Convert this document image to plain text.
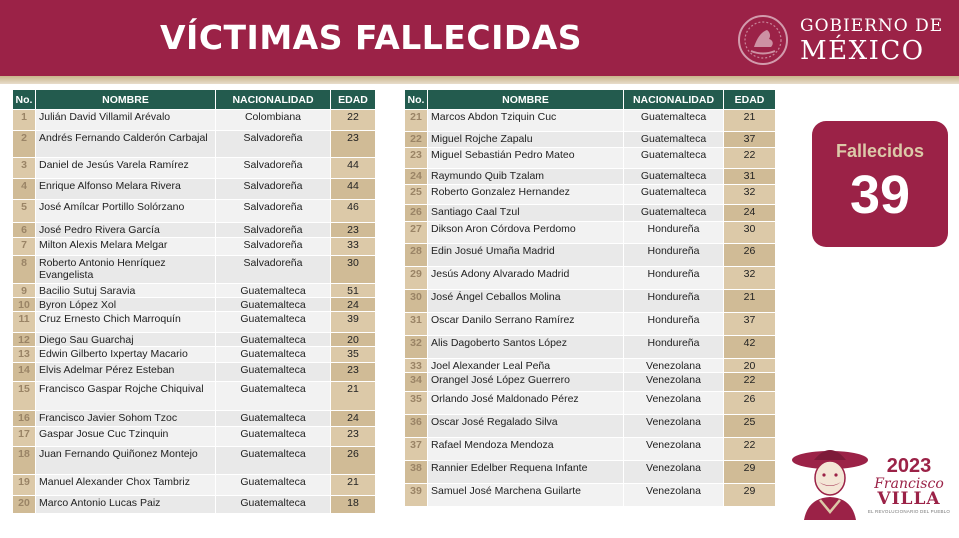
VÍCTIMAS FALLECIDAS	GOBIERNO DE
MÉXICO
No.	NOMBRE	NACIONALIDAD	EDAD
1	Julián David Villamil Arévalo	Colombiana	22
2	Andrés Fernando Calderón Carbajal	Salvadoreña	23
3	Daniel de Jesús Varela Ramírez	Salvadoreña	44
4	Enrique Alfonso Melara Rivera	Salvadoreña	44
5	José Amílcar Portillo Solórzano	Salvadoreña	46
6	José Pedro Rivera García	Salvadoreña	23
7	Milton Alexis Melara Melgar	Salvadoreña	33
8	Roberto Antonio Henríquez Evangelista	Salvadoreña	30
9	Bacilio Sutuj Saravia	Guatemalteca	51
10	Byron López Xol	Guatemalteca	24
11	Cruz Ernesto Chich Marroquín	Guatemalteca	39
12	Diego Sau Guarchaj	Guatemalteca	20
13	Edwin Gilberto Ixpertay Macario	Guatemalteca	35
14	Elvis Adelmar Pérez Esteban	Guatemalteca	23
15	Francisco Gaspar Rojche Chiquival	Guatemalteca	21
16	Francisco Javier Sohom Tzoc	Guatemalteca	24
17	Gaspar Josue Cuc Tzinquin	Guatemalteca	23
18	Juan Fernando Quiñonez Montejo	Guatemalteca	26
19	Manuel Alexander Chox Tambriz	Guatemalteca	21
20	Marco Antonio Lucas Paiz	Guatemalteca	18
No.	NOMBRE	NACIONALIDAD	EDAD
21	Marcos Abdon Tziquin Cuc	Guatemalteca	21
22	Miguel Rojche Zapalu	Guatemalteca	37
23	Miguel Sebastián Pedro Mateo	Guatemalteca	22
24	Raymundo Quib Tzalam	Guatemalteca	31
25	Roberto Gonzalez Hernandez	Guatemalteca	32
26	Santiago Caal Tzul	Guatemalteca	24
27	Dikson Aron Córdova Perdomo	Hondureña	30
28	Edin Josué Umaña Madrid	Hondureña	26
29	Jesús Adony Alvarado Madrid	Hondureña	32
30	José Ángel Ceballos Molina	Hondureña	21
31	Oscar Danilo Serrano Ramírez	Hondureña	37
32	Alis Dagoberto Santos López	Hondureña	42
33	Joel Alexander Leal Peña	Venezolana	20
34	Orangel José López Guerrero	Venezolana	22
35	Orlando José Maldonado Pérez	Venezolana	26
36	Oscar José Regalado Silva	Venezolana	25
37	Rafael Mendoza Mendoza	Venezolana	22
38	Rannier Edelber Requena Infante	Venezolana	29
39	Samuel José Marchena Guilarte	Venezolana	29
Fallecidos
39
2023
Francisco
VILLA
EL REVOLUCIONARIO DEL PUEBLO
